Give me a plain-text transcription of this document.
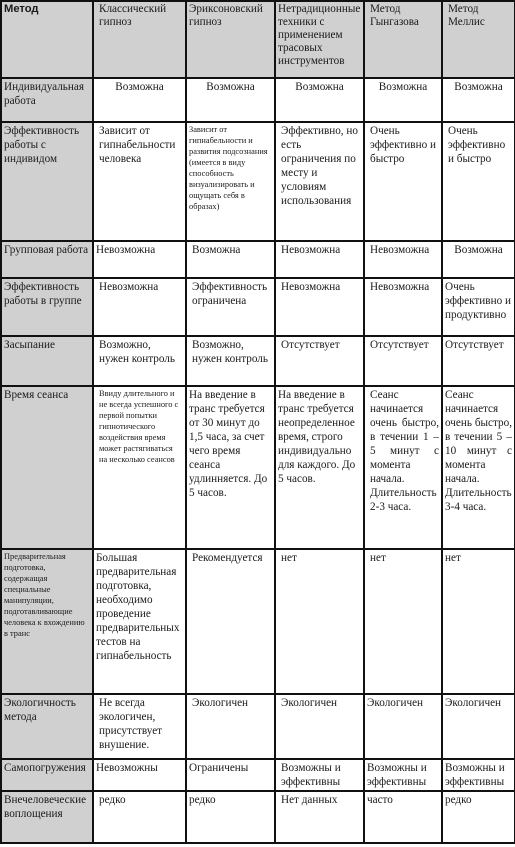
Метод	Классический гипноз	Эриксоновский гипноз	Нетрадиционные техники с применением трасовых инструментов	Метод Гынгазова	Метод Меллис
Индивидуальная работа	Возможна	Возможна	Возможна	Возможна	Возможна
Эффективность работы с индивидом	Зависит от гипнабельности человека	Зависит от гипнабельности и развития подсознания (имеется в виду способность визуализировать и ощущать себя в образах)	Эффективно, но есть ограничения по месту и условиям использования	Очень эффективно и быстро	Очень эффективно и быстро
Групповая работа	Невозможна	Возможна	Невозможна	Невозможна	Возможна
Эффективность работы в группе	Невозможна	Эффективность ограничена	Невозможна	Невозможна	Очень эффективно и продуктивно
Засыпание	Возможно, нужен контроль	Возможно, нужен контроль	Отсутствует	Отсутствует	Отсутствует
Время сеанса	Ввиду длительного и не всегда успешного с первой попытки гипнотического воздействия время может растягиваться на несколько сеансов	На введение в транс требуется от 30 минут до 1,5 часа, за счет чего время сеанса удлинняется. До 5 часов.	На введение в транс требуется неопределенное время, строго индивидуально для каждого. До 5 часов.	Сеанс начинается очень быстро, в течении 1 – 5 минут с момента начала. Длительность 2-3 часа.	Сеанс начинается очень быстро, в течении 5 – 10 минут с момента начала. Длительность 3-4 часа.
Предварительная подготовка, содержащая специальные манипуляции, подготавливающие человека к вхождению в транс	Большая предварительная подготовка, необходимо проведение предварительных тестов на гипнабельность	Рекомендуется	нет	нет	нет
Экологичность метода	Не всегда экологичен, присутствует внушение.	Экологичен	Экологичен	Экологичен	Экологичен
Самопогружения	Невозможны	Ограничены	Возможны и эффективны	Возможны и эффективны	Возможны и эффективны
Внечеловеческие воплощения	редко	редко	Нет данных	часто	редко
